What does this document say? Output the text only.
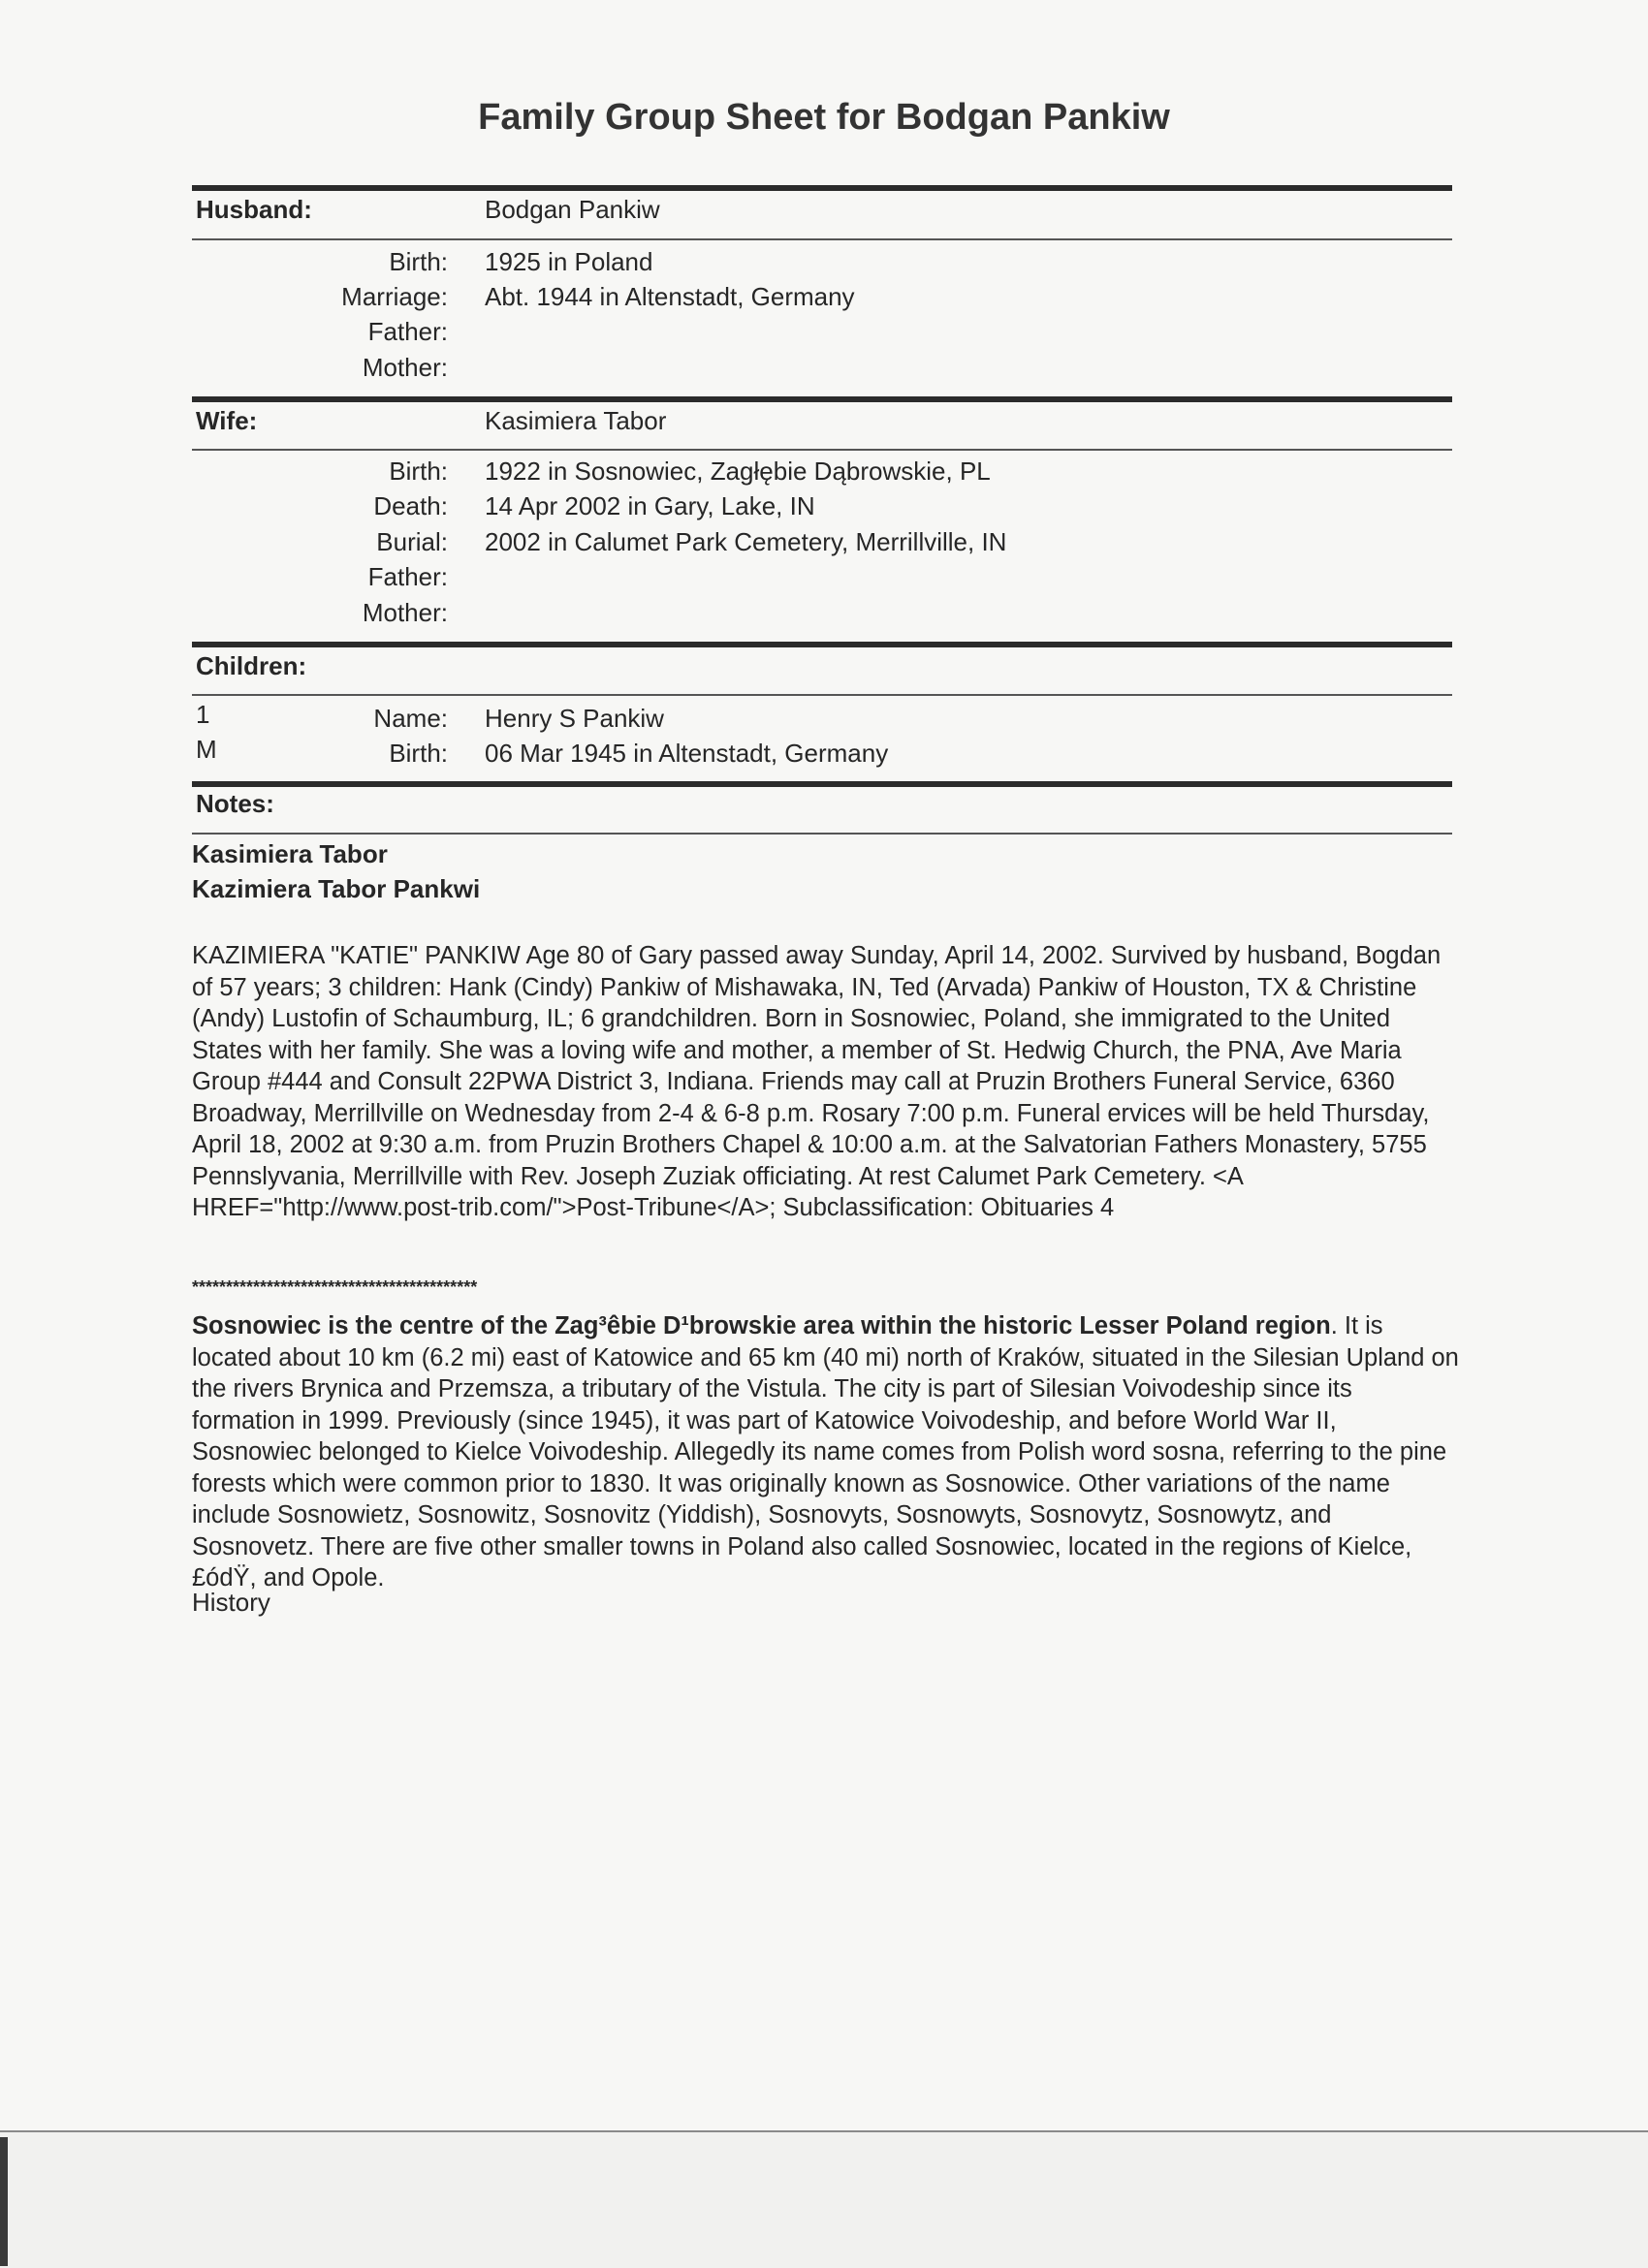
Family Group Sheet for Bodgan Pankiw
Husband:	Bodgan Pankiw
Birth: 1925 in Poland
Marriage: Abt. 1944 in Altenstadt, Germany
Father:
Mother:
Wife:	Kasimiera Tabor
Birth: 1922 in Sosnowiec, Zagłębie Dąbrowskie, PL
Death: 14 Apr 2002 in Gary, Lake, IN
Burial: 2002 in Calumet Park Cemetery, Merrillville, IN
Father:
Mother:
Children:
1
M
Name: Henry S Pankiw
Birth: 06 Mar 1945 in Altenstadt, Germany
Notes:
Kasimiera Tabor
Kazimiera Tabor Pankwi
KAZIMIERA "KATIE" PANKIW Age 80 of Gary passed away Sunday, April 14, 2002. Survived by husband, Bogdan of 57 years; 3 children: Hank (Cindy) Pankiw of Mishawaka, IN, Ted (Arvada) Pankiw of Houston, TX & Christine (Andy) Lustofin of Schaumburg, IL; 6 grandchildren. Born in Sosnowiec, Poland, she immigrated to the United States with her family. She was a loving wife and mother, a member of St. Hedwig Church, the PNA, Ave Maria Group #444 and Consult 22PWA District 3, Indiana. Friends may call at Pruzin Brothers Funeral Service, 6360 Broadway, Merrillville on Wednesday from 2-4 & 6-8 p.m. Rosary 7:00 p.m. Funeral ervices will be held Thursday, April 18, 2002 at 9:30 a.m. from Pruzin Brothers Chapel & 10:00 a.m. at the Salvatorian Fathers Monastery, 5755 Pennslyvania, Merrillville with Rev. Joseph Zuziak officiating. At rest Calumet Park Cemetery. <A HREF="http://www.post-trib.com/">Post-Tribune</A>; Subclassification: Obituaries 4
******************************************
Sosnowiec is the centre of the Zag³êbie D¹browskie area within the historic Lesser Poland region. It is located about 10 km (6.2 mi) east of Katowice and 65 km (40 mi) north of Kraków, situated in the Silesian Upland on the rivers Brynica and Przemsza, a tributary of the Vistula. The city is part of Silesian Voivodeship since its formation in 1999. Previously (since 1945), it was part of Katowice Voivodeship, and before World War II, Sosnowiec belonged to Kielce Voivodeship. Allegedly its name comes from Polish word sosna, referring to the pine forests which were common prior to 1830. It was originally known as Sosnowice. Other variations of the name include Sosnowietz, Sosnowitz, Sosnovitz (Yiddish), Sosnovyts, Sosnowyts, Sosnovytz, Sosnowytz, and Sosnovetz. There are five other smaller towns in Poland also called Sosnowiec, located in the regions of Kielce, £ódŸ, and Opole.
History
